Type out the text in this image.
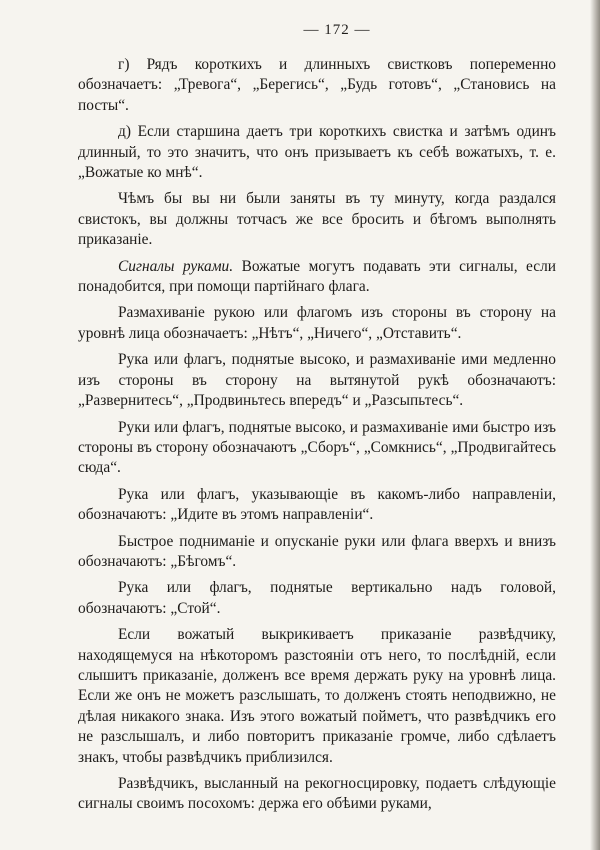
— 172 —

г) Рядъ короткихъ и длинныхъ свистковъ попеременно обозначаетъ: „Тревога“, „Берегись“, „Будь готовъ“, „Становись на посты“.

д) Если старшина даетъ три короткихъ свистка и затѣмъ одинъ длинный, то это значитъ, что онъ призываетъ къ себѣ вожатыхъ, т. е. „Вожатые ко мнѣ“.

Чѣмъ бы вы ни были заняты въ ту минуту, когда раздался свистокъ, вы должны тотчасъ же все бросить и бѣгомъ выполнять приказаніе.

Сигналы руками. Вожатые могутъ подавать эти сигналы, если понадобится, при помощи партійнаго флага.

Размахиваніе рукою или флагомъ изъ стороны въ сторону на уровнѣ лица обозначаетъ: „Нѣтъ“, „Ничего“, „Отставить“.

Рука или флагъ, поднятые высоко, и размахиваніе ими медленно изъ стороны въ сторону на вытянутой рукѣ обозначаютъ: „Развернитесь“, „Продвиньтесь впередъ“ и „Разсыпьтесь“.

Руки или флагъ, поднятые высоко, и размахиваніе ими быстро изъ стороны въ сторону обозначаютъ „Сборъ“, „Сомкнись“, „Продвигайтесь сюда“.

Рука или флагъ, указывающіе въ какомъ-либо направленіи, обозначаютъ: „Идите въ этомъ направленіи“.

Быстрое подниманіе и опусканіе руки или флага вверхъ и внизъ обозначаютъ: „Бѣгомъ“.

Рука или флагъ, поднятые вертикально надъ головой, обозначаютъ: „Стой“.

Если вожатый выкрикиваетъ приказаніе развѣдчику, находящемуся на нѣкоторомъ разстояніи отъ него, то послѣдній, если слышитъ приказаніе, долженъ все время держать руку на уровнѣ лица. Если же онъ не можетъ разслышать, то долженъ стоять неподвижно, не дѣлая никакого знака. Изъ этого вожатый пойметъ, что развѣдчикъ его не разслышалъ, и либо повторитъ приказаніе громче, либо сдѣлаетъ знакъ, чтобы развѣдчикъ приблизился.

Развѣдчикъ, высланный на рекогносцировку, подаетъ слѣдующіе сигналы своимъ посохомъ: держа его обѣими руками,
